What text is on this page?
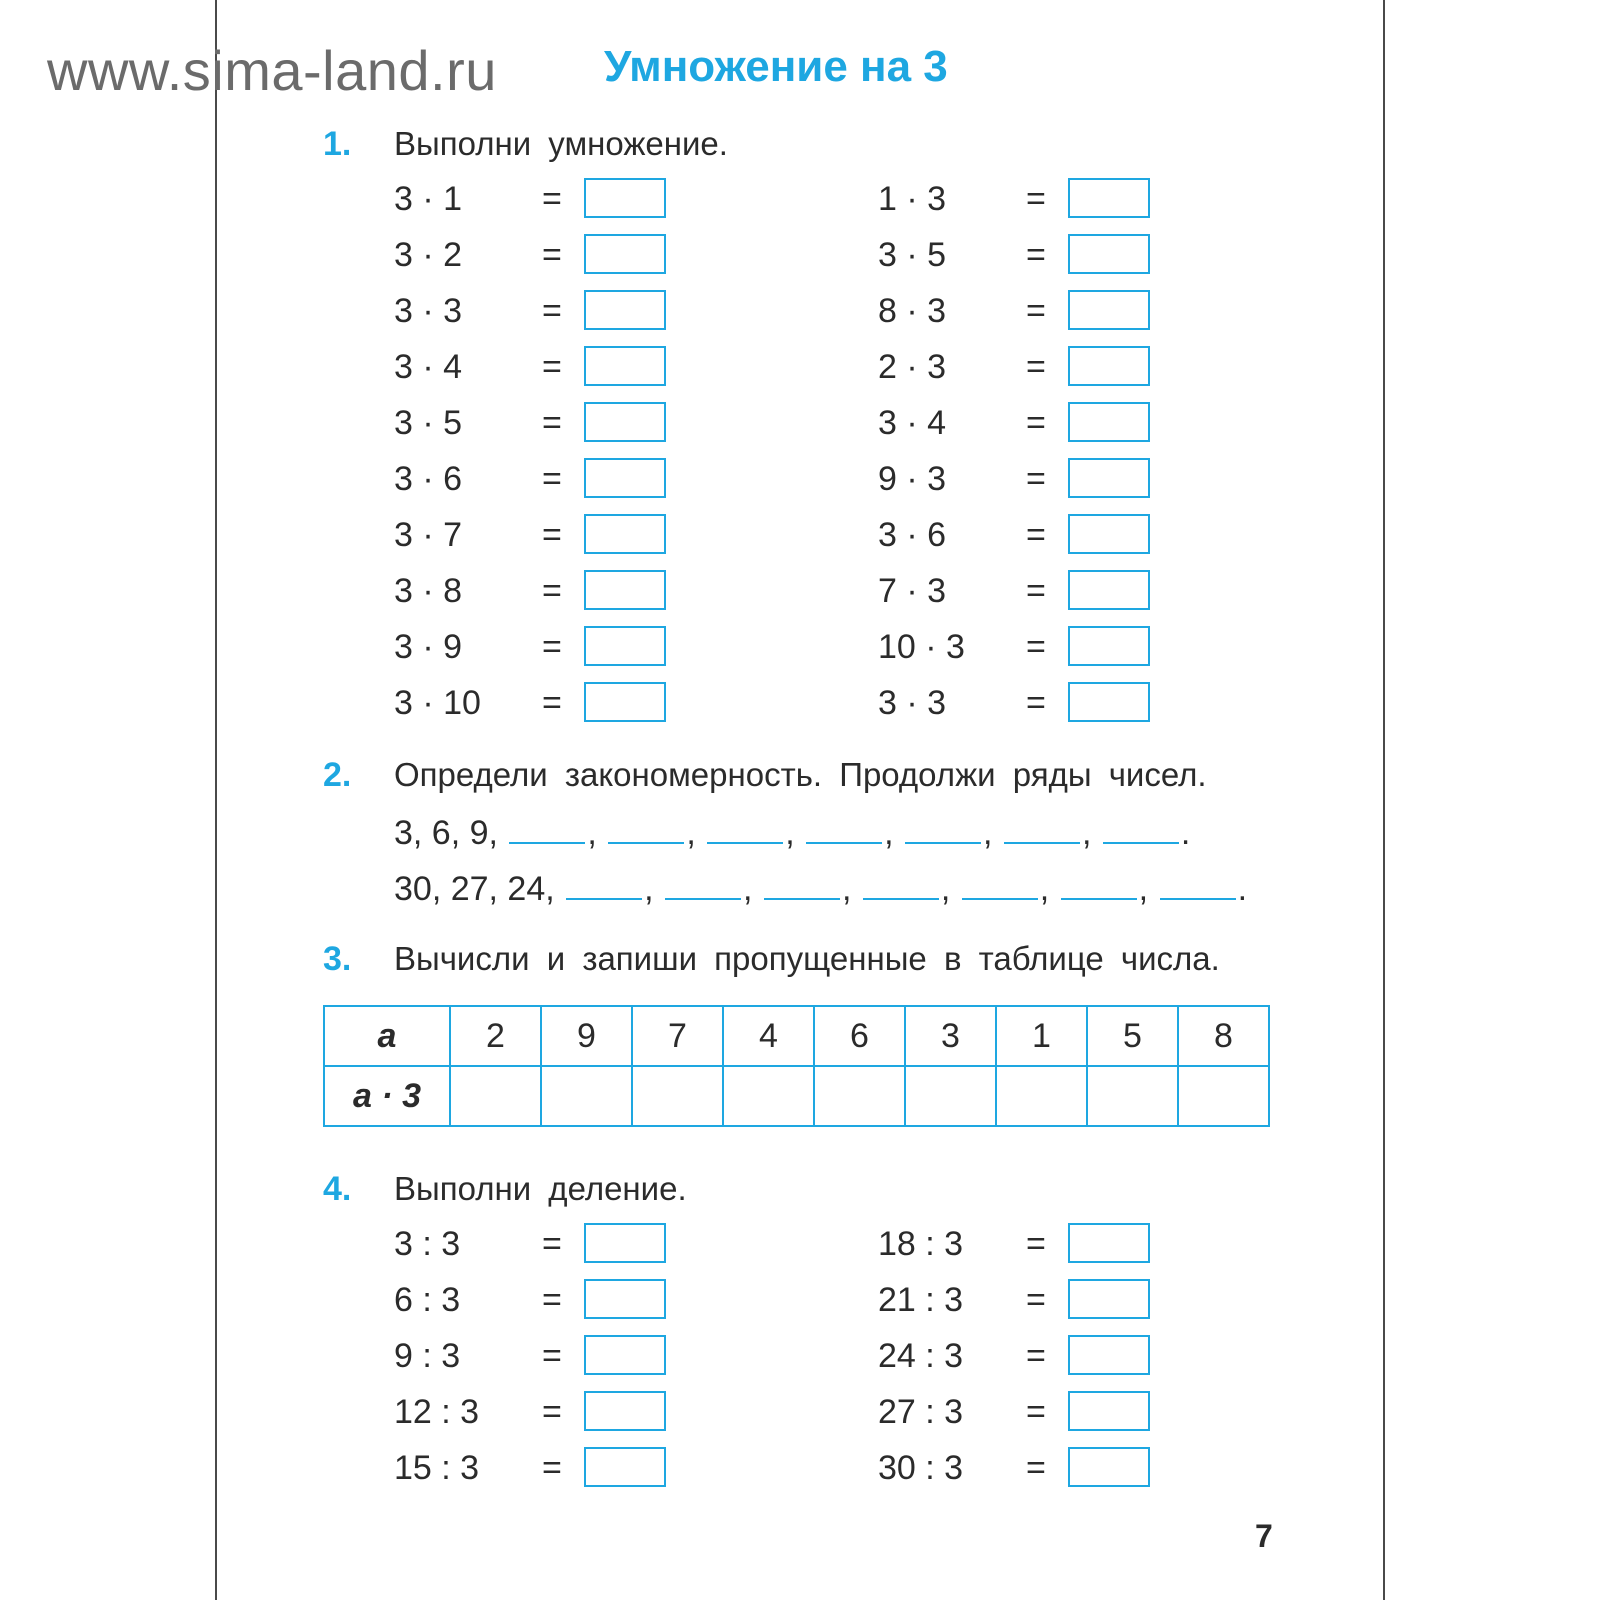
www.sima-land.ru Умножение на 3
1. Выполни умножение.
3 · 1 =
3 · 2 =
3 · 3 =
3 · 4 =
3 · 5 =
3 · 6 =
3 · 7 =
3 · 8 =
3 · 9 =
3 · 10 =
1 · 3 =
3 · 5 =
8 · 3 =
2 · 3 =
3 · 4 =
9 · 3 =
3 · 6 =
7 · 3 =
10 · 3 =
3 · 3 =
2. Определи закономерность. Продолжи ряды чисел.
3, 6, 9,	, , , , , , .
30, 27, 24,	, , , , , , .
3. Вычисли и запиши пропущенные в таблице числа.
a	2	9	7	4	6	3	1	5	8
a · 3									
4. Выполни деление.
3 : 3 =
6 : 3 =
9 : 3 =
12 : 3 =
15 : 3 =
18 : 3 =
21 : 3 =
24 : 3 =
27 : 3 =
30 : 3 =
7
